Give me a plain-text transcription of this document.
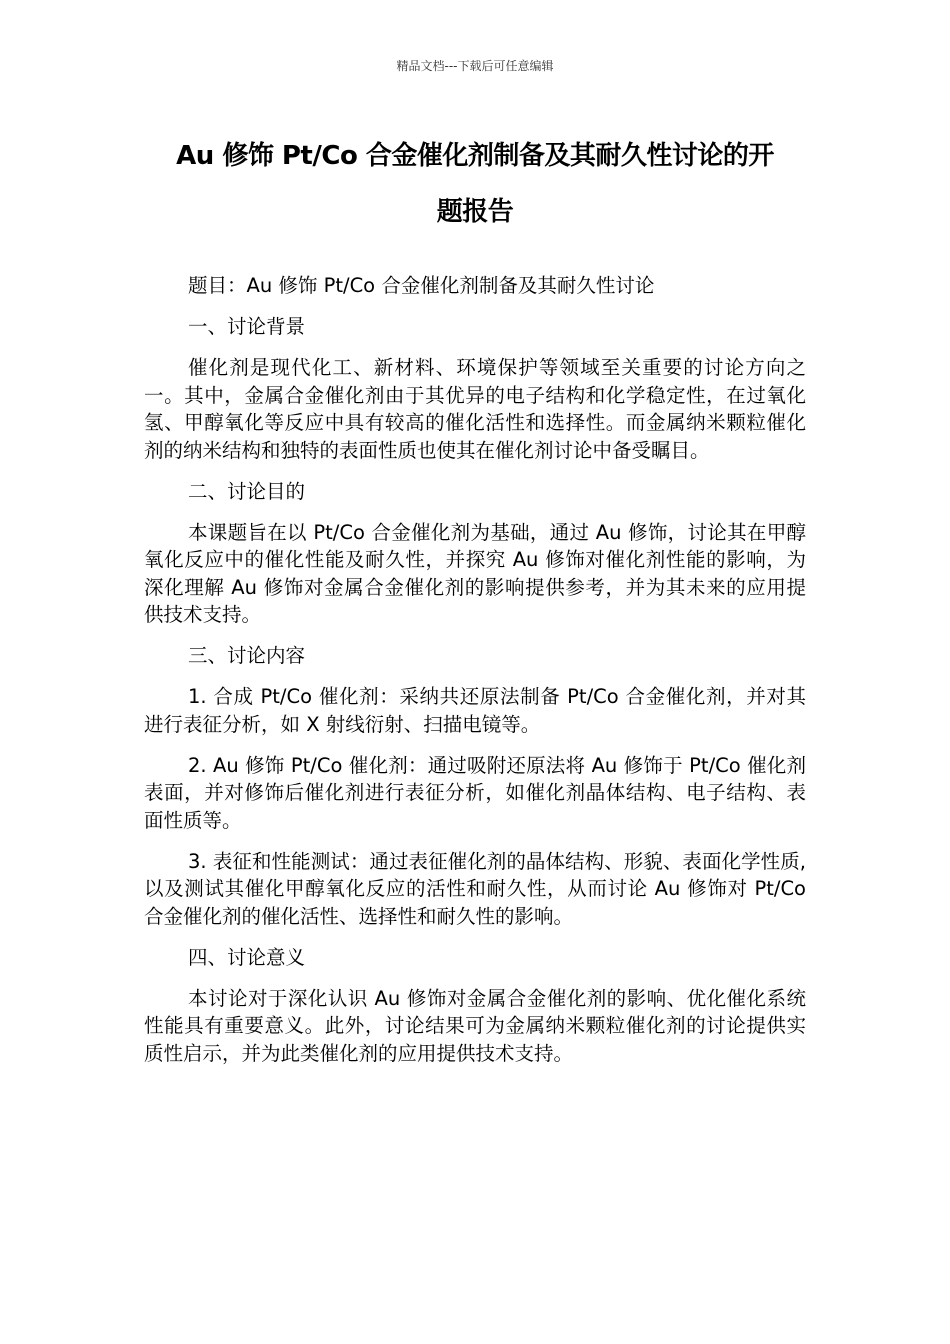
精品文档---下载后可任意编辑
Au 修饰 Pt/Co 合金催化剂制备及其耐久性讨论的开
题报告

题目：Au 修饰 Pt/Co 合金催化剂制备及其耐久性讨论

一、讨论背景

催化剂是现代化工、新材料、环境保护等领域至关重要的讨论方向之一。其中，金属合金催化剂由于其优异的电子结构和化学稳定性，在过氧化氢、甲醇氧化等反应中具有较高的催化活性和选择性。而金属纳米颗粒催化剂的纳米结构和独特的表面性质也使其在催化剂讨论中备受瞩目。

二、讨论目的

本课题旨在以 Pt/Co 合金催化剂为基础，通过 Au 修饰，讨论其在甲醇氧化反应中的催化性能及耐久性，并探究 Au 修饰对催化剂性能的影响，为深化理解 Au 修饰对金属合金催化剂的影响提供参考，并为其未来的应用提供技术支持。

三、讨论内容

1. 合成 Pt/Co 催化剂：采纳共还原法制备 Pt/Co 合金催化剂，并对其进行表征分析，如 X 射线衍射、扫描电镜等。

2. Au 修饰 Pt/Co 催化剂：通过吸附还原法将 Au 修饰于 Pt/Co 催化剂表面，并对修饰后催化剂进行表征分析，如催化剂晶体结构、电子结构、表面性质等。

3. 表征和性能测试：通过表征催化剂的晶体结构、形貌、表面化学性质,以及测试其催化甲醇氧化反应的活性和耐久性，从而讨论 Au 修饰对 Pt/Co 合金催化剂的催化活性、选择性和耐久性的影响。

四、讨论意义

本讨论对于深化认识 Au 修饰对金属合金催化剂的影响、优化催化系统性能具有重要意义。此外，讨论结果可为金属纳米颗粒催化剂的讨论提供实质性启示，并为此类催化剂的应用提供技术支持。
